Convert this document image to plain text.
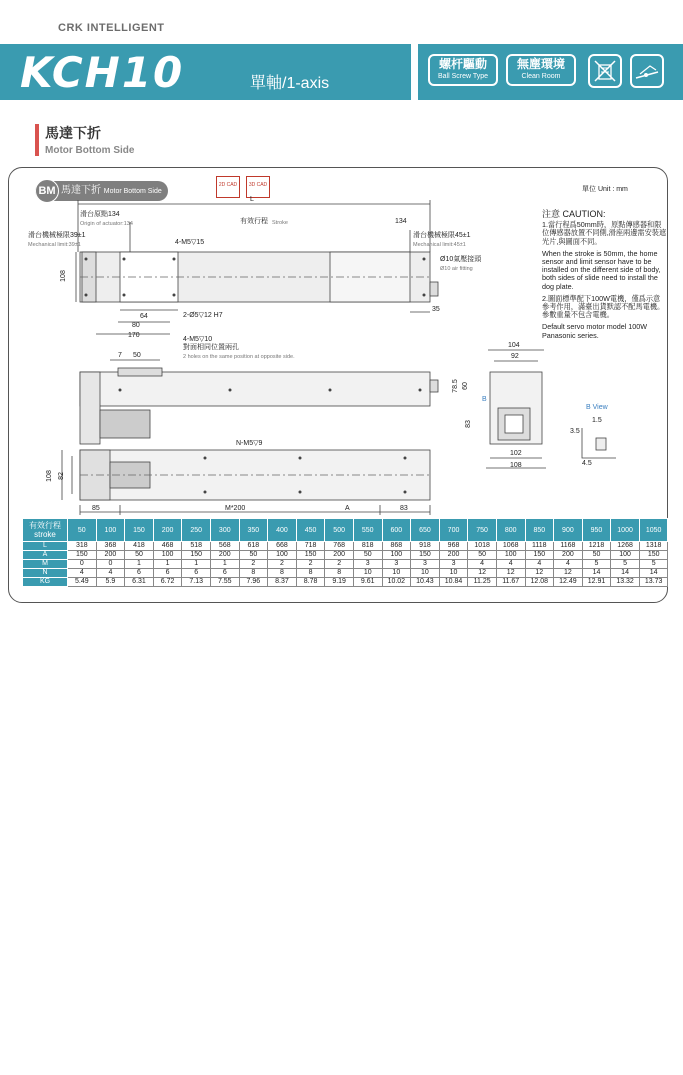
CRK INTELLIGENT
KCH10	單軸/1-axis
螺杆驅動
Ball Screw Type
無塵環境
Clean Room
馬達下折
Motor Bottom Side
BM 馬達下折 Motor Bottom Side
2D CAD	3D CAD
單位 Unit : mm
注意 CAUTION:

1.當行程爲50mm時，原點傳感器和限位傳感器放置不同側,滑座兩邊需安裝遮光片,與圖面不同。

When the stroke is 50mm, the home sensor and limit sensor have to be installed on the different side of body, both sides of slide need to install the dog plate.

2.圖面標準配下100W電機，僅爲示意參考作用，滿臺出貨默認不配馬電機。參數重量不包含電機。

Default servo motor model 100W Panasonic series.

L
滑台原點134
Origin of actuator:134	有效行程 Stroke	134
滑台機械極限39±1
Mechanical limit:39±1
滑台機械極限45±1
Mechanical limit:45±1
Ø10氣壓接頭
Ø10 air fitting
4-M5▽15
108
64
80
170
2-Ø5▽12 H7
35
4-M5▽10
對面相同位置兩孔
2 holes on the same position at opposite side.
7 50
104
92
78.5 60
83
B
102
108
B View
1.5
3.5
4.5
N-M5▽9
108 82
85	M*200	A	83
有效行程
stroke	50	100	150	200	250	300	350	400	450	500	550	600	650	700	750	800	850	900	950	1000	1050
L	318	368	418	468	518	568	618	668	718	768	818	868	918	968	1018	1068	1118	1168	1218	1268	1318
A	150	200	50	100	150	200	50	100	150	200	50	100	150	200	50	100	150	200	50	100	150
M	0	0	1	1	1	1	2	2	2	2	3	3	3	3	4	4	4	4	5	5	5
N	4	4	6	6	6	6	8	8	8	8	10	10	10	10	12	12	12	12	14	14	14
KG	5.49	5.9	6.31	6.72	7.13	7.55	7.96	8.37	8.78	9.19	9.61	10.02	10.43	10.84	11.25	11.67	12.08	12.49	12.91	13.32	13.73
